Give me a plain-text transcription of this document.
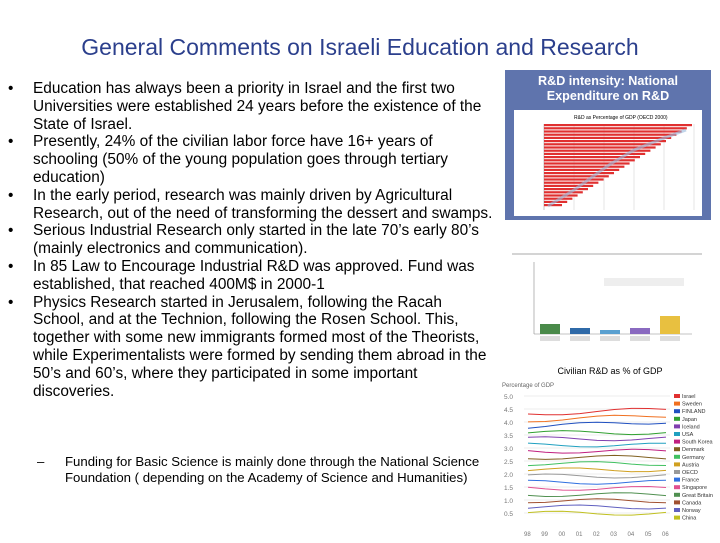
General Comments on Israeli Education and Research
• Education has always been a priority in Israel and the first two Universities were established 24 years before the existence of the State of Israel.
• Presently, 24% of the civilian labor force have 16+ years of schooling (50% of the young population goes through tertiary education)
• In the early period, research was mainly driven by Agricultural Research, out of the need of transforming the dessert and swamps.
• Serious Industrial Research only started in the late 70’s early 80’s (mainly electronics and communication).
• In 85 Law to Encourage Industrial R&D was approved. Fund was established, that reached 400M$ in 2000-1
• Physics Research started in Jerusalem, following the Racah School, and at the Technion, following the Rosen School. This, together with some new immigrants formed most of the Theorists, while Experimentalists were formed by sending them abroad in the 50’s and 60’s, where they participated in some important discoveries.
–	Funding for Basic Science is mainly done through the National Science Foundation ( depending on the Academy of Science and Humanities)
R&D intensity: National
Expenditure on R&D
R&D as Percentage of GDP (OECD 2000)
Civilian R&D as % of GDP
Percentage of GDP
5.0
4.5
4.0
3.5
3.0
2.5
2.0
1.5
1.0
0.5
98 99 00 01 02 03 04 05 06
Israel
Sweden
FINLAND
Japan
Iceland
USA
South Korea
Denmark
Germany
Austria
OECD
France
Singapore
Great Britain
Canada
Norway
China
